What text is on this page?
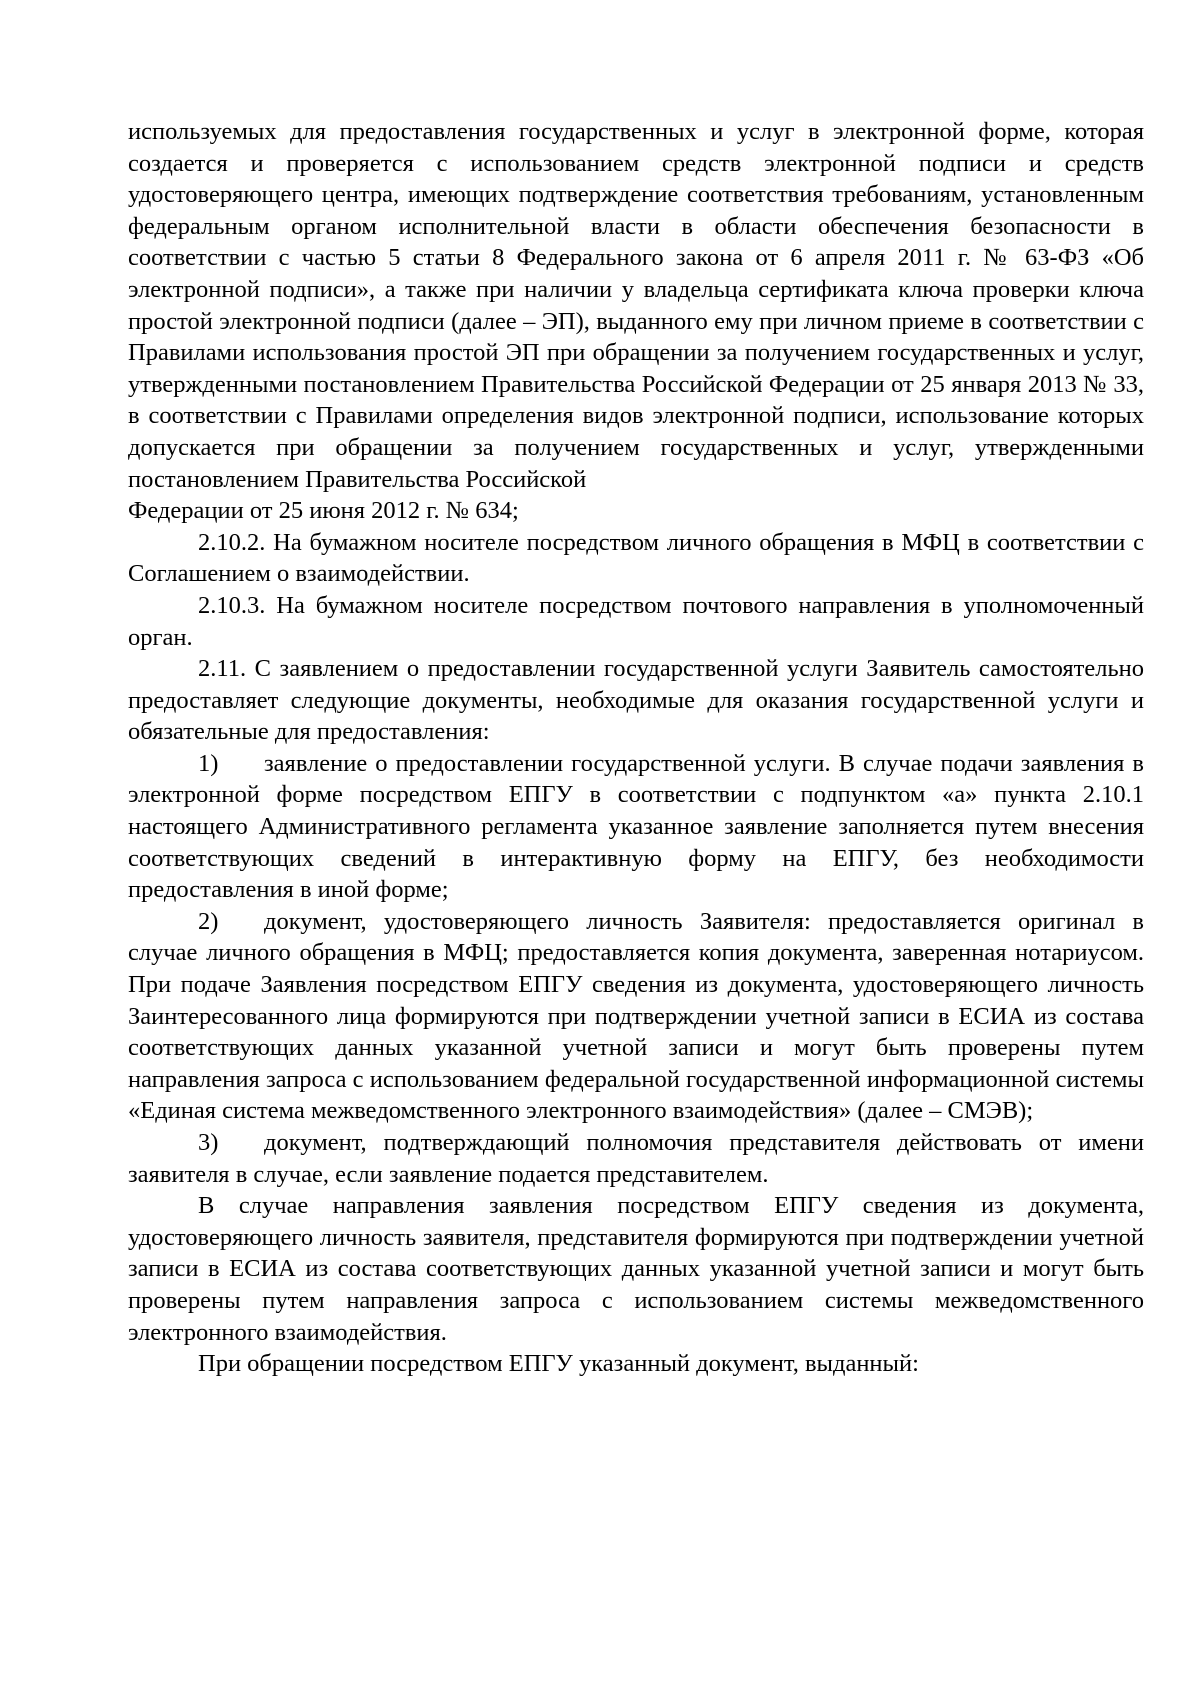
используемых для предоставления государственных и услуг в электронной форме, которая создается и проверяется с использованием средств электронной подписи и средств удостоверяющего центра, имеющих подтверждение соответствия требованиям, установленным федеральным органом исполнительной власти в области обеспечения безопасности в соответствии с частью 5 статьи 8 Федерального закона от 6 апреля 2011 г. № 63-ФЗ «Об электронной подписи», а также при наличии у владельца сертификата ключа проверки ключа простой электронной подписи (далее – ЭП), выданного ему при личном приеме в соответствии с Правилами использования простой ЭП при обращении за получением государственных и услуг, утвержденными постановлением Правительства Российской Федерации от 25 января 2013 № 33, в соответствии с Правилами определения видов электронной подписи, использование которых допускается при обращении за получением государственных и услуг, утвержденными постановлением Правительства Российской

Федерации от 25 июня 2012 г. № 634;

2.10.2. На бумажном носителе посредством личного обращения в МФЦ в соответствии с Соглашением о взаимодействии.

2.10.3. На бумажном носителе посредством почтового направления в уполномоченный орган.

2.11. С заявлением о предоставлении государственной услуги Заявитель самостоятельно предоставляет следующие документы, необходимые для оказания государственной услуги и обязательные для предоставления:

1) заявление о предоставлении государственной услуги. В случае подачи заявления в электронной форме посредством ЕПГУ в соответствии с подпунктом «а» пункта 2.10.1 настоящего Административного регламента указанное заявление заполняется путем внесения соответствующих сведений в интерактивную форму на ЕПГУ, без необходимости предоставления в иной форме;

2) документ, удостоверяющего личность Заявителя: предоставляется оригинал в случае личного обращения в МФЦ; предоставляется копия документа, заверенная нотариусом. При подаче Заявления посредством ЕПГУ сведения из документа, удостоверяющего личность Заинтересованного лица формируются при подтверждении учетной записи в ЕСИА из состава соответствующих данных указанной учетной записи и могут быть проверены путем направления запроса с использованием федеральной государственной информационной системы «Единая система межведомственного электронного взаимодействия» (далее – СМЭВ);

3) документ, подтверждающий полномочия представителя действовать от имени заявителя в случае, если заявление подается представителем.

В случае направления заявления посредством ЕПГУ сведения из документа, удостоверяющего личность заявителя, представителя формируются при подтверждении учетной записи в ЕСИА из состава соответствующих данных указанной учетной записи и могут быть проверены путем направления запроса с использованием системы межведомственного электронного взаимодействия.

При обращении посредством ЕПГУ указанный документ, выданный:
